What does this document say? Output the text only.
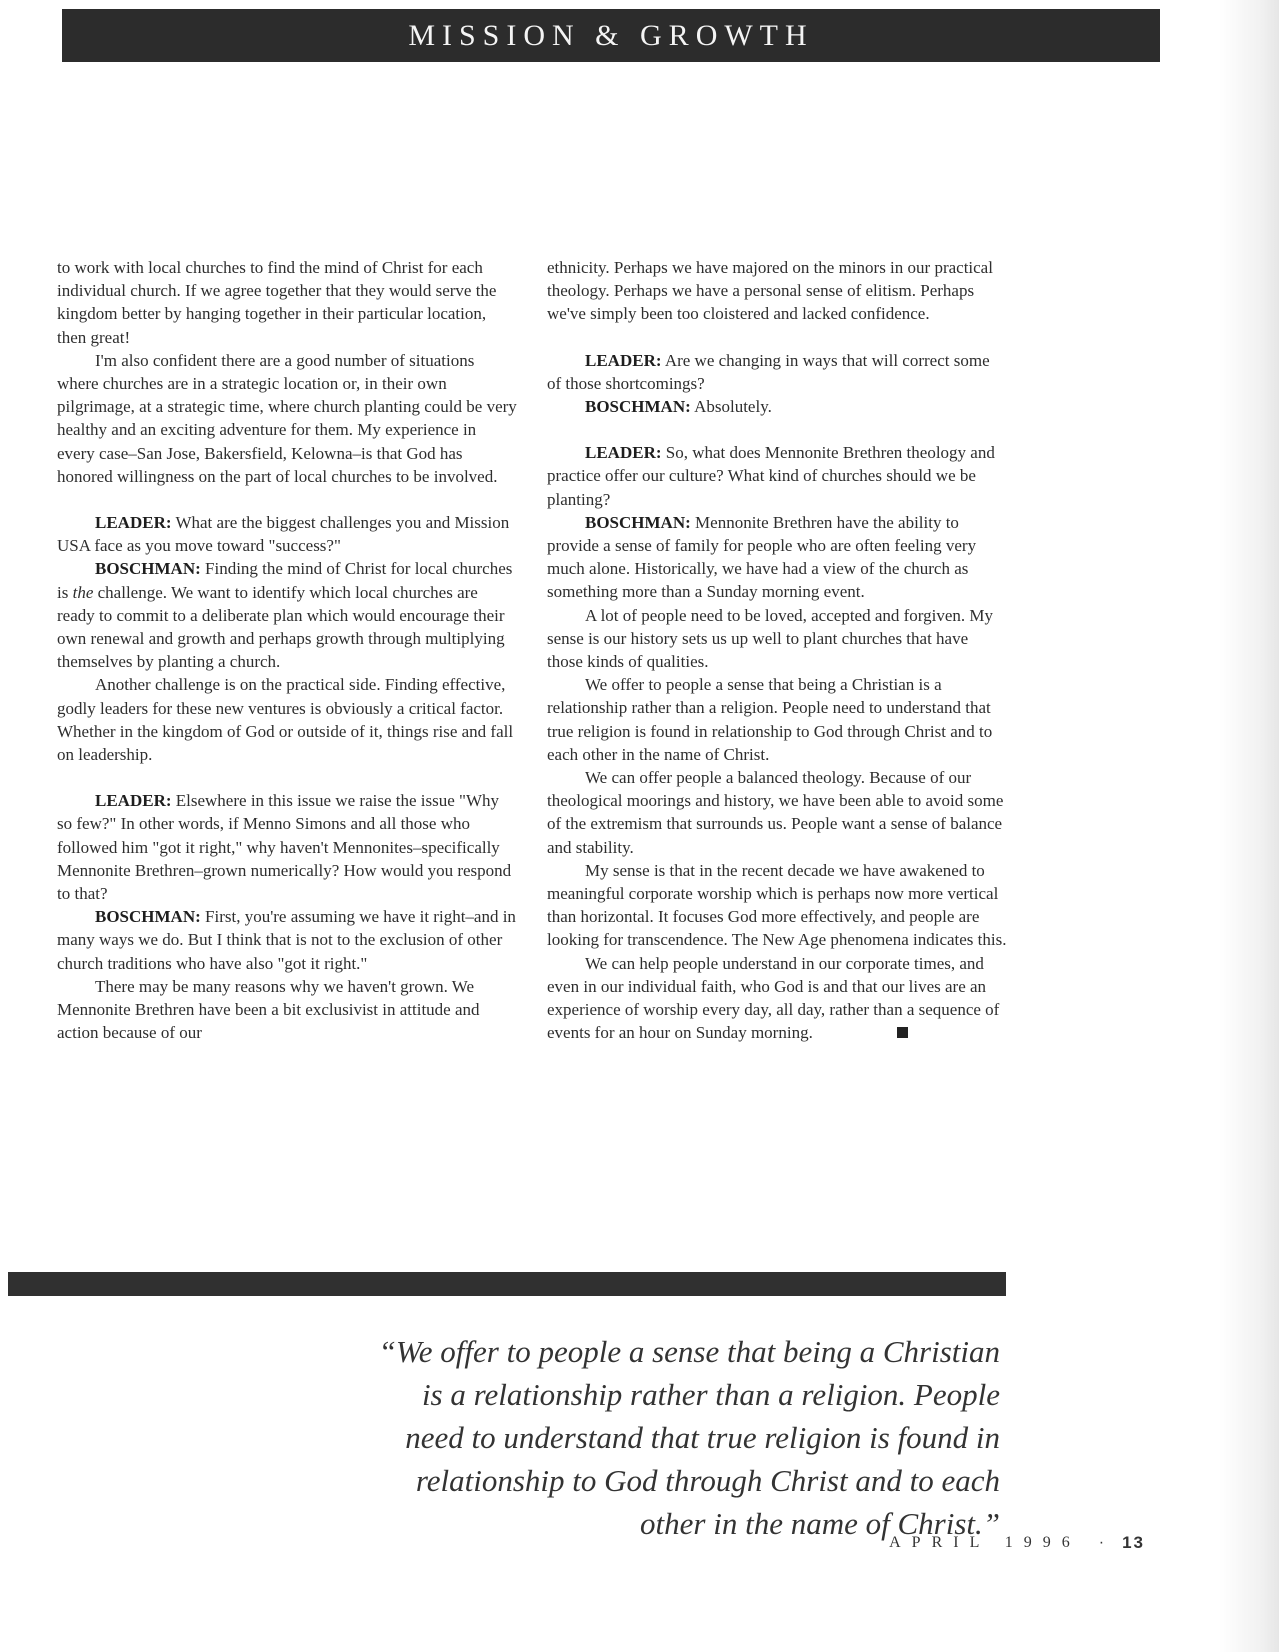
MISSION & GROWTH

to work with local churches to find the mind of Christ for each individual church. If we agree together that they would serve the kingdom better by hanging together in their particular location, then great!

I'm also confident there are a good number of situations where churches are in a strategic location or, in their own pilgrimage, at a strategic time, where church planting could be very healthy and an exciting adventure for them. My experience in every case–San Jose, Bakersfield, Kelowna–is that God has honored willingness on the part of local churches to be involved.

LEADER: What are the biggest challenges you and Mission USA face as you move toward "success?"

BOSCHMAN: Finding the mind of Christ for local churches is the challenge. We want to identify which local churches are ready to commit to a deliberate plan which would encourage their own renewal and growth and perhaps growth through multiplying themselves by planting a church.

Another challenge is on the practical side. Finding effective, godly leaders for these new ventures is obviously a critical factor. Whether in the kingdom of God or outside of it, things rise and fall on leadership.

LEADER: Elsewhere in this issue we raise the issue "Why so few?" In other words, if Menno Simons and all those who followed him "got it right," why haven't Mennonites–specifically Mennonite Brethren–grown numerically? How would you respond to that?

BOSCHMAN: First, you're assuming we have it right–and in many ways we do. But I think that is not to the exclusion of other church traditions who have also "got it right."

There may be many reasons why we haven't grown. We Mennonite Brethren have been a bit exclusivist in attitude and action because of our

ethnicity. Perhaps we have majored on the minors in our practical theology. Perhaps we have a personal sense of elitism. Perhaps we've simply been too cloistered and lacked confidence.

LEADER: Are we changing in ways that will correct some of those shortcomings?

BOSCHMAN: Absolutely.

LEADER: So, what does Mennonite Brethren theology and practice offer our culture? What kind of churches should we be planting?

BOSCHMAN: Mennonite Brethren have the ability to provide a sense of family for people who are often feeling very much alone. Historically, we have had a view of the church as something more than a Sunday morning event.

A lot of people need to be loved, accepted and forgiven. My sense is our history sets us up well to plant churches that have those kinds of qualities.

We offer to people a sense that being a Christian is a relationship rather than a religion. People need to understand that true religion is found in relationship to God through Christ and to each other in the name of Christ.

We can offer people a balanced theology. Because of our theological moorings and history, we have been able to avoid some of the extremism that surrounds us. People want a sense of balance and stability.

My sense is that in the recent decade we have awakened to meaningful corporate worship which is perhaps now more vertical than horizontal. It focuses God more effectively, and people are looking for transcendence. The New Age phenomena indicates this.

We can help people understand in our corporate times, and even in our individual faith, who God is and that our lives are an experience of worship every day, all day, rather than a sequence of events for an hour on Sunday morning.

“We offer to people a sense that being a Christian
is a relationship rather than a religion. People
need to understand that true religion is found in
relationship to God through Christ and to each
other in the name of Christ.”
APRIL 1996 · 13
